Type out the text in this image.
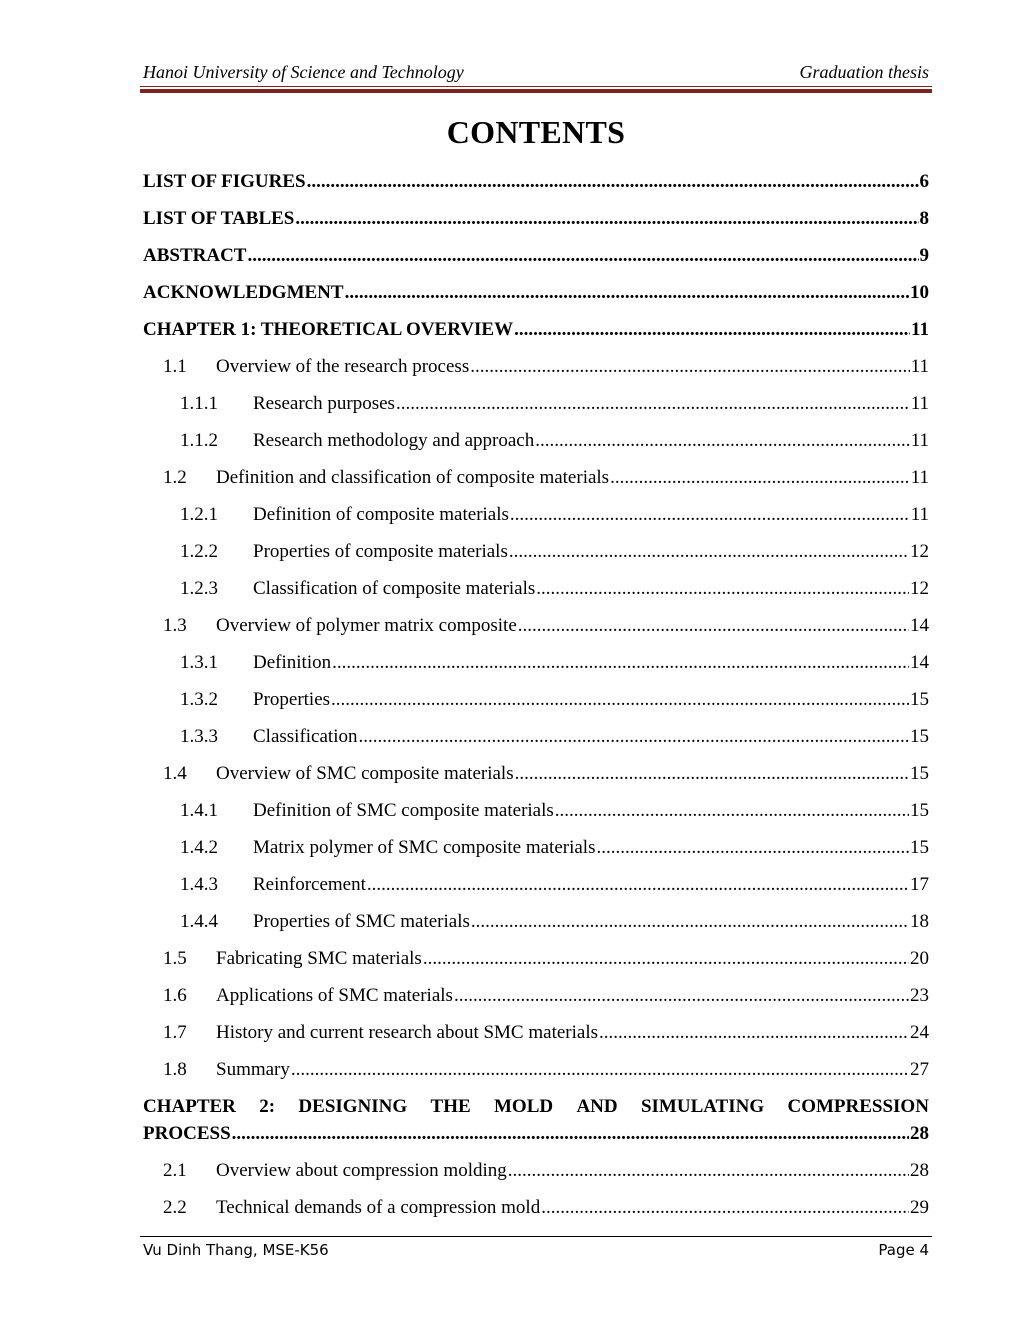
Hanoi University of Science and Technology	Graduation thesis
CONTENTS
LIST OF FIGURES .....	6
LIST OF TABLES .....	8
ABSTRACT .....	9
ACKNOWLEDGMENT .....	10
CHAPTER 1: THEORETICAL OVERVIEW .....	11
1.1	Overview of the research process .....	11
1.1.1	Research purposes .....	11
1.1.2	Research methodology and approach .....	11
1.2	Definition and classification of composite materials .....	11
1.2.1	Definition of composite materials .....	11
1.2.2	Properties of composite materials .....	12
1.2.3	Classification of composite materials .....	12
1.3	Overview of polymer matrix composite .....	14
1.3.1	Definition .....	14
1.3.2	Properties .....	15
1.3.3	Classification .....	15
1.4	Overview of SMC composite materials .....	15
1.4.1	Definition of SMC composite materials .....	15
1.4.2	Matrix polymer of SMC composite materials .....	15
1.4.3	Reinforcement .....	17
1.4.4	Properties of SMC materials .....	18
1.5	Fabricating SMC materials .....	20
1.6	Applications of SMC materials .....	23
1.7	History and current research about SMC materials .....	24
1.8	Summary .....	27
CHAPTER 2: DESIGNING THE MOLD AND SIMULATING COMPRESSION
PROCESS .....	28
2.1	Overview about compression molding .....	28
2.2	Technical demands of a compression mold .....	29
Vu Dinh Thang, MSE-K56	Page 4
